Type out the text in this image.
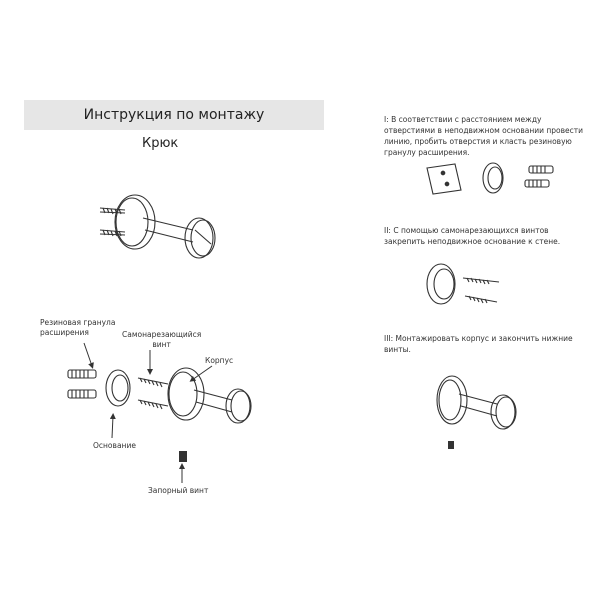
Инструкция по монтажу
Крюк
Резиновая гранула
расширения	Самонарезающийся
винт
Корпус
Основание
Запорный винт
I: В соответствии с расстоянием между отверстиями в неподвижном основании провести линию, пробить отверстия и класть резиновую гранулу расширения.
II: С помощью самонарезающихся винтов закрепить неподвижное основание к стене.
III: Монтажировать корпус и закончить нижние винты.
